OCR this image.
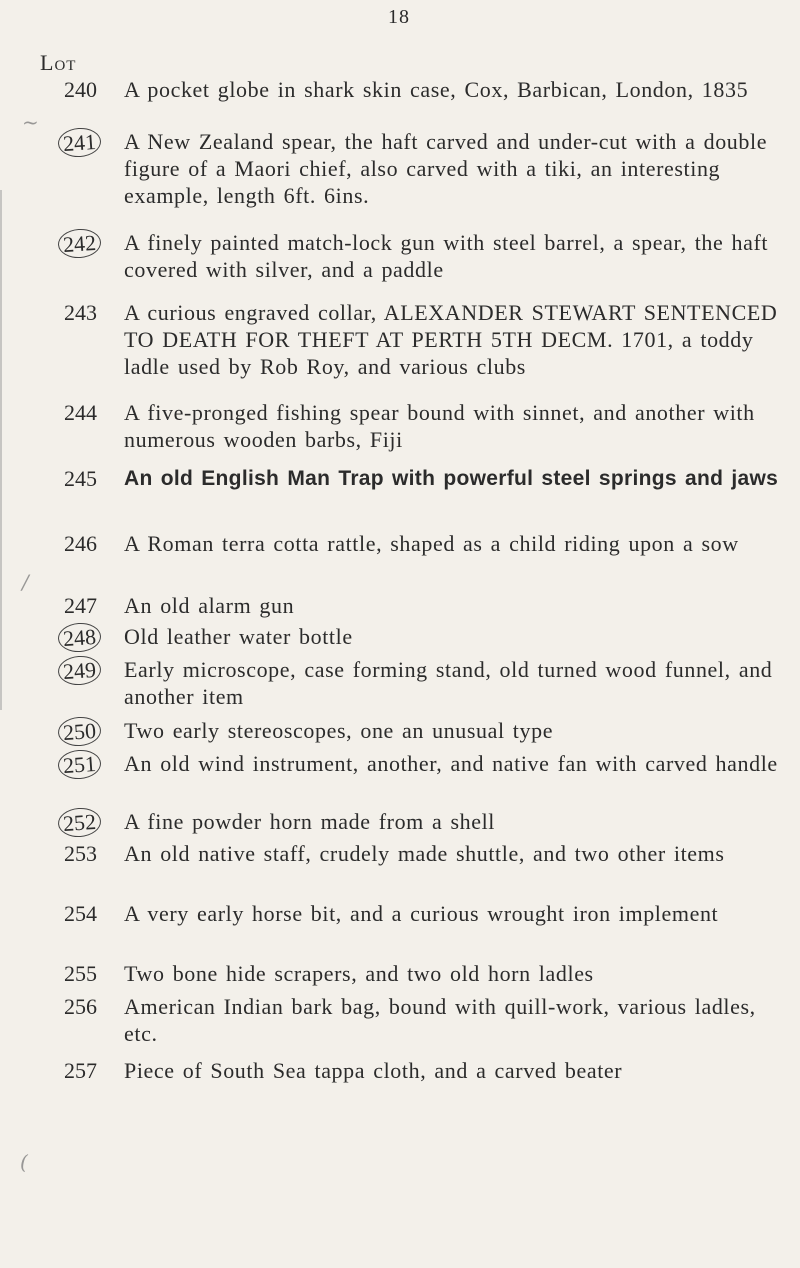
18
Lot
~
/
(
240	A pocket globe in shark skin case, Cox, Barbican, London, 1835
241	A New Zealand spear, the haft carved and under-cut with a double figure of a Maori chief, also carved with a tiki, an interesting example, length 6ft. 6ins.
242	A finely painted match-lock gun with steel barrel, a spear, the haft covered with silver, and a paddle
243	A curious engraved collar, ALEXANDER STEWART SENTENCED TO DEATH FOR THEFT AT PERTH 5TH DECM. 1701, a toddy ladle used by Rob Roy, and various clubs
244	A five-pronged fishing spear bound with sinnet, and another with numerous wooden barbs, Fiji
245	An old English Man Trap with powerful steel springs and jaws
246	A Roman terra cotta rattle, shaped as a child riding upon a sow
247	An old alarm gun
248	Old leather water bottle
249	Early microscope, case forming stand, old turned wood funnel, and another item
250	Two early stereoscopes, one an unusual type
251	An old wind instrument, another, and native fan with carved handle
252	A fine powder horn made from a shell
253	An old native staff, crudely made shuttle, and two other items
254	A very early horse bit, and a curious wrought iron implement
255	Two bone hide scrapers, and two old horn ladles
256	American Indian bark bag, bound with quill-work, various ladles, etc.
257	Piece of South Sea tappa cloth, and a carved beater
